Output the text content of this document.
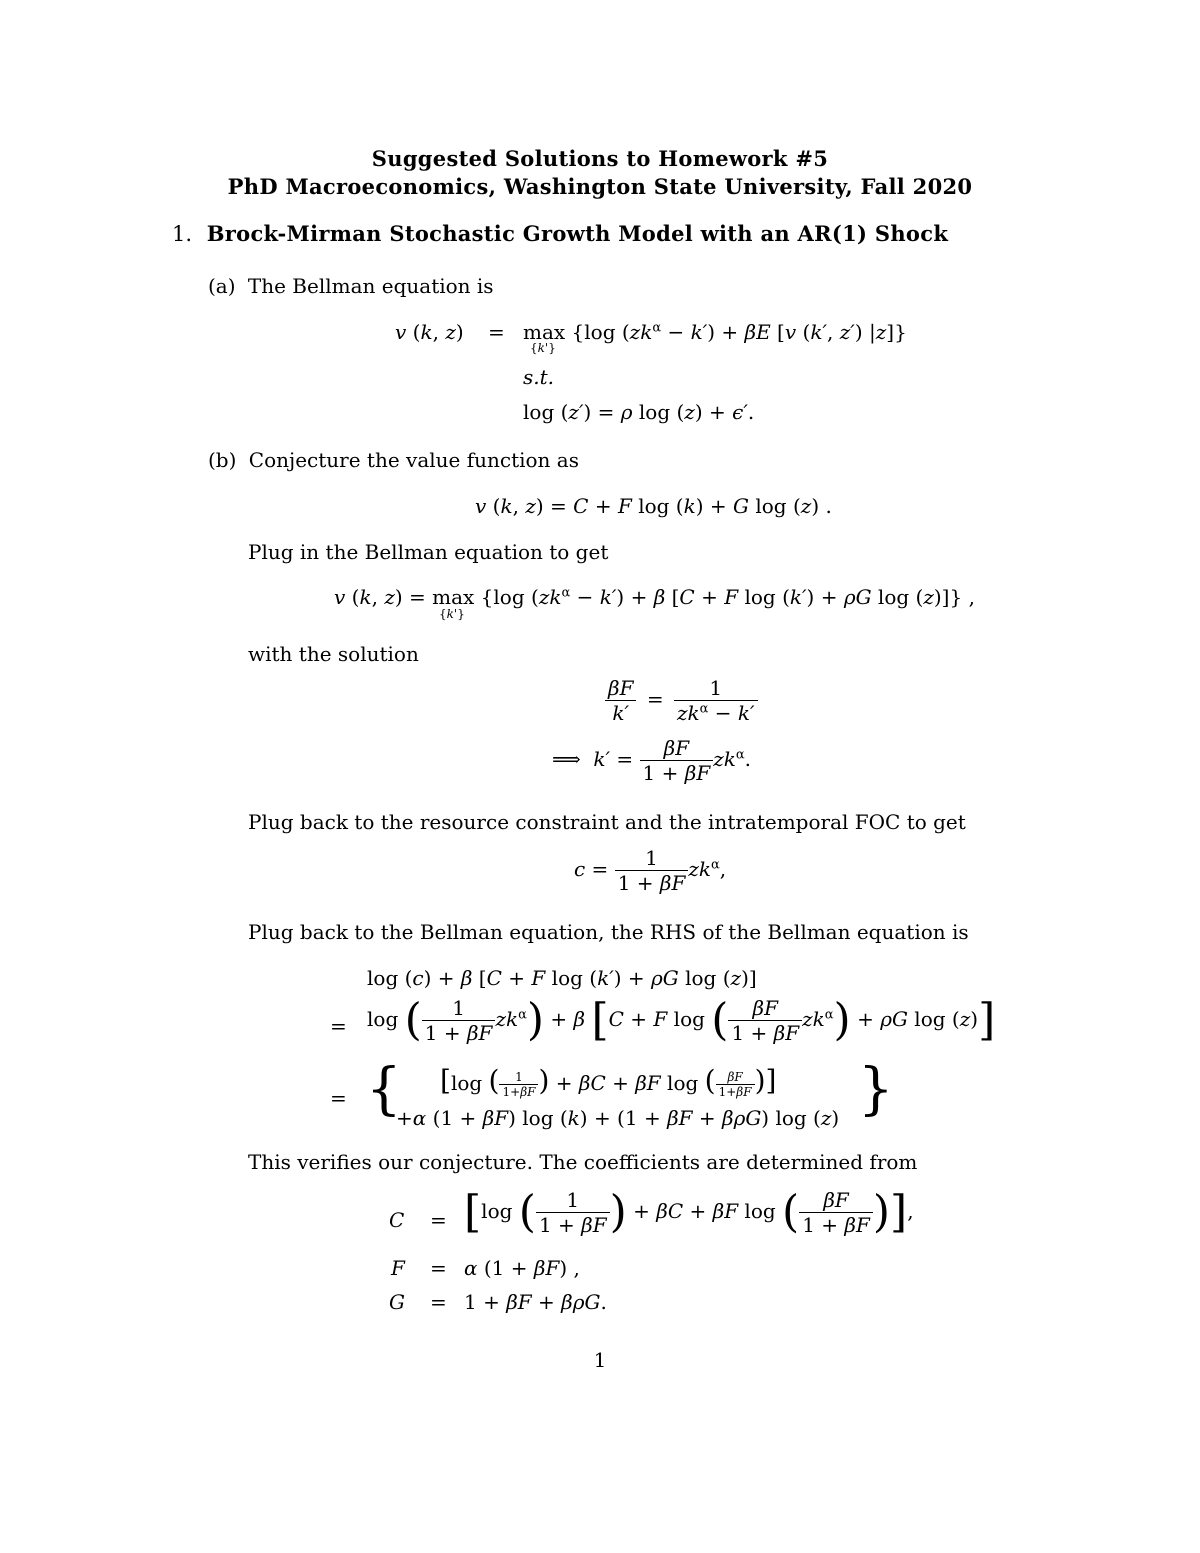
Suggested Solutions to Homework #5
PhD Macroeconomics, Washington State University, Fall 2020
1. Brock-Mirman Stochastic Growth Model with an AR(1) Shock
(a) The Bellman equation is
v (k, z) = max {log $(zk^\alpha - k') + \beta E$ [v (k′, z′) |z]}
{k'}
s.t.
log (z′) = ρ log (z) + ϵ′.
(b) Conjecture the value function as
v (k, z) = C + F log (k) + G log (z) .
Plug in the Bellman equation to get
v (k, z) = max {log $(zk^\alpha - k') + \beta$ [C + F log (k′) + ρG log (z)]} ,
{k'}
with the solution
$\frac{\beta F}{k'} = \frac{1}{zk^\alpha - k'}$
⟹  $k' = \frac{\beta F}{1 + \beta F} zk^\alpha$.
Plug back to the resource constraint and the intratemporal FOC to get
$c = \frac{1}{1 + \beta F} zk^\alpha$,
Plug back to the Bellman equation, the RHS of the Bellman equation is
log (c) + β [C + F log (k′) + ρG log (z)]
= log ( $\frac{1}{1 + \beta F} zk^\alpha) + \beta$ [C + F log ( $\frac{\beta F}{1 + \beta F} zk^\alpha) + \rho G$ log (z)]
= {	}
[log ( $\frac{1}{1+\beta F}$ ) + βC + βF log ( $\frac{\beta F}{1+\beta F}$ )]
+α (1 + βF) log (k) + (1 + βF + βρG) log (z)
This verifies our conjecture. The coefficients are determined from
C = [log ( $\frac{1}{1 + \beta F}$ ) + βC + βF log ( $\frac{\beta F}{1 + \beta F}$ )],
F = α (1 + βF) ,
G = 1 + βF + βρG.
1
